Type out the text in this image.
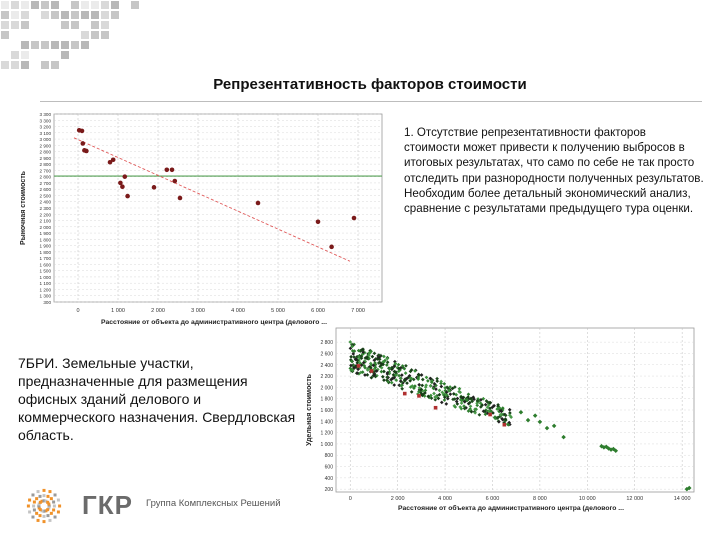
Репрезентативность факторов стоимости
0	1 000	2 000	3 000	4 000	5 000	6 000	7 000
300
1 300
1 200
1 100
1 000
1 500
1 600
1 700
1 800
1 900
1 800
1 900
2 000
2 100
2 200
2 300
2 400
2 500
2 600
2 700
2 800
2 700
2 800
2 900
2 800
2 900
3 000
3 100
3 200
3 300
3 300
Расстояние от объекта до административного центра (делового ...
Рыночная стоимость
1. Отсутствие репрезентативности факторов стоимости может привести к получению выбросов в итоговых результатах, что само по себе не так просто отследить при разнородности полученных результатов. Необходим более детальный экономический анализ, сравнение с результатами предыдущего тура оценки.
7БРИ. Земельные участки, предназначенные для размещения офисных зданий делового и коммерческого назначения. Свердловская область.
0	2 000	4 000	6 000	8 000	10 000	12 000	14 000
200
400
600
800
1 000
1 200
1 400
1 600
1 800
2 000
2 200
2 400
2 600
2 800
Расстояние от объекта до административного центра (делового ...
Удельная стоимость
ГКР Группа Комплексных Решений
